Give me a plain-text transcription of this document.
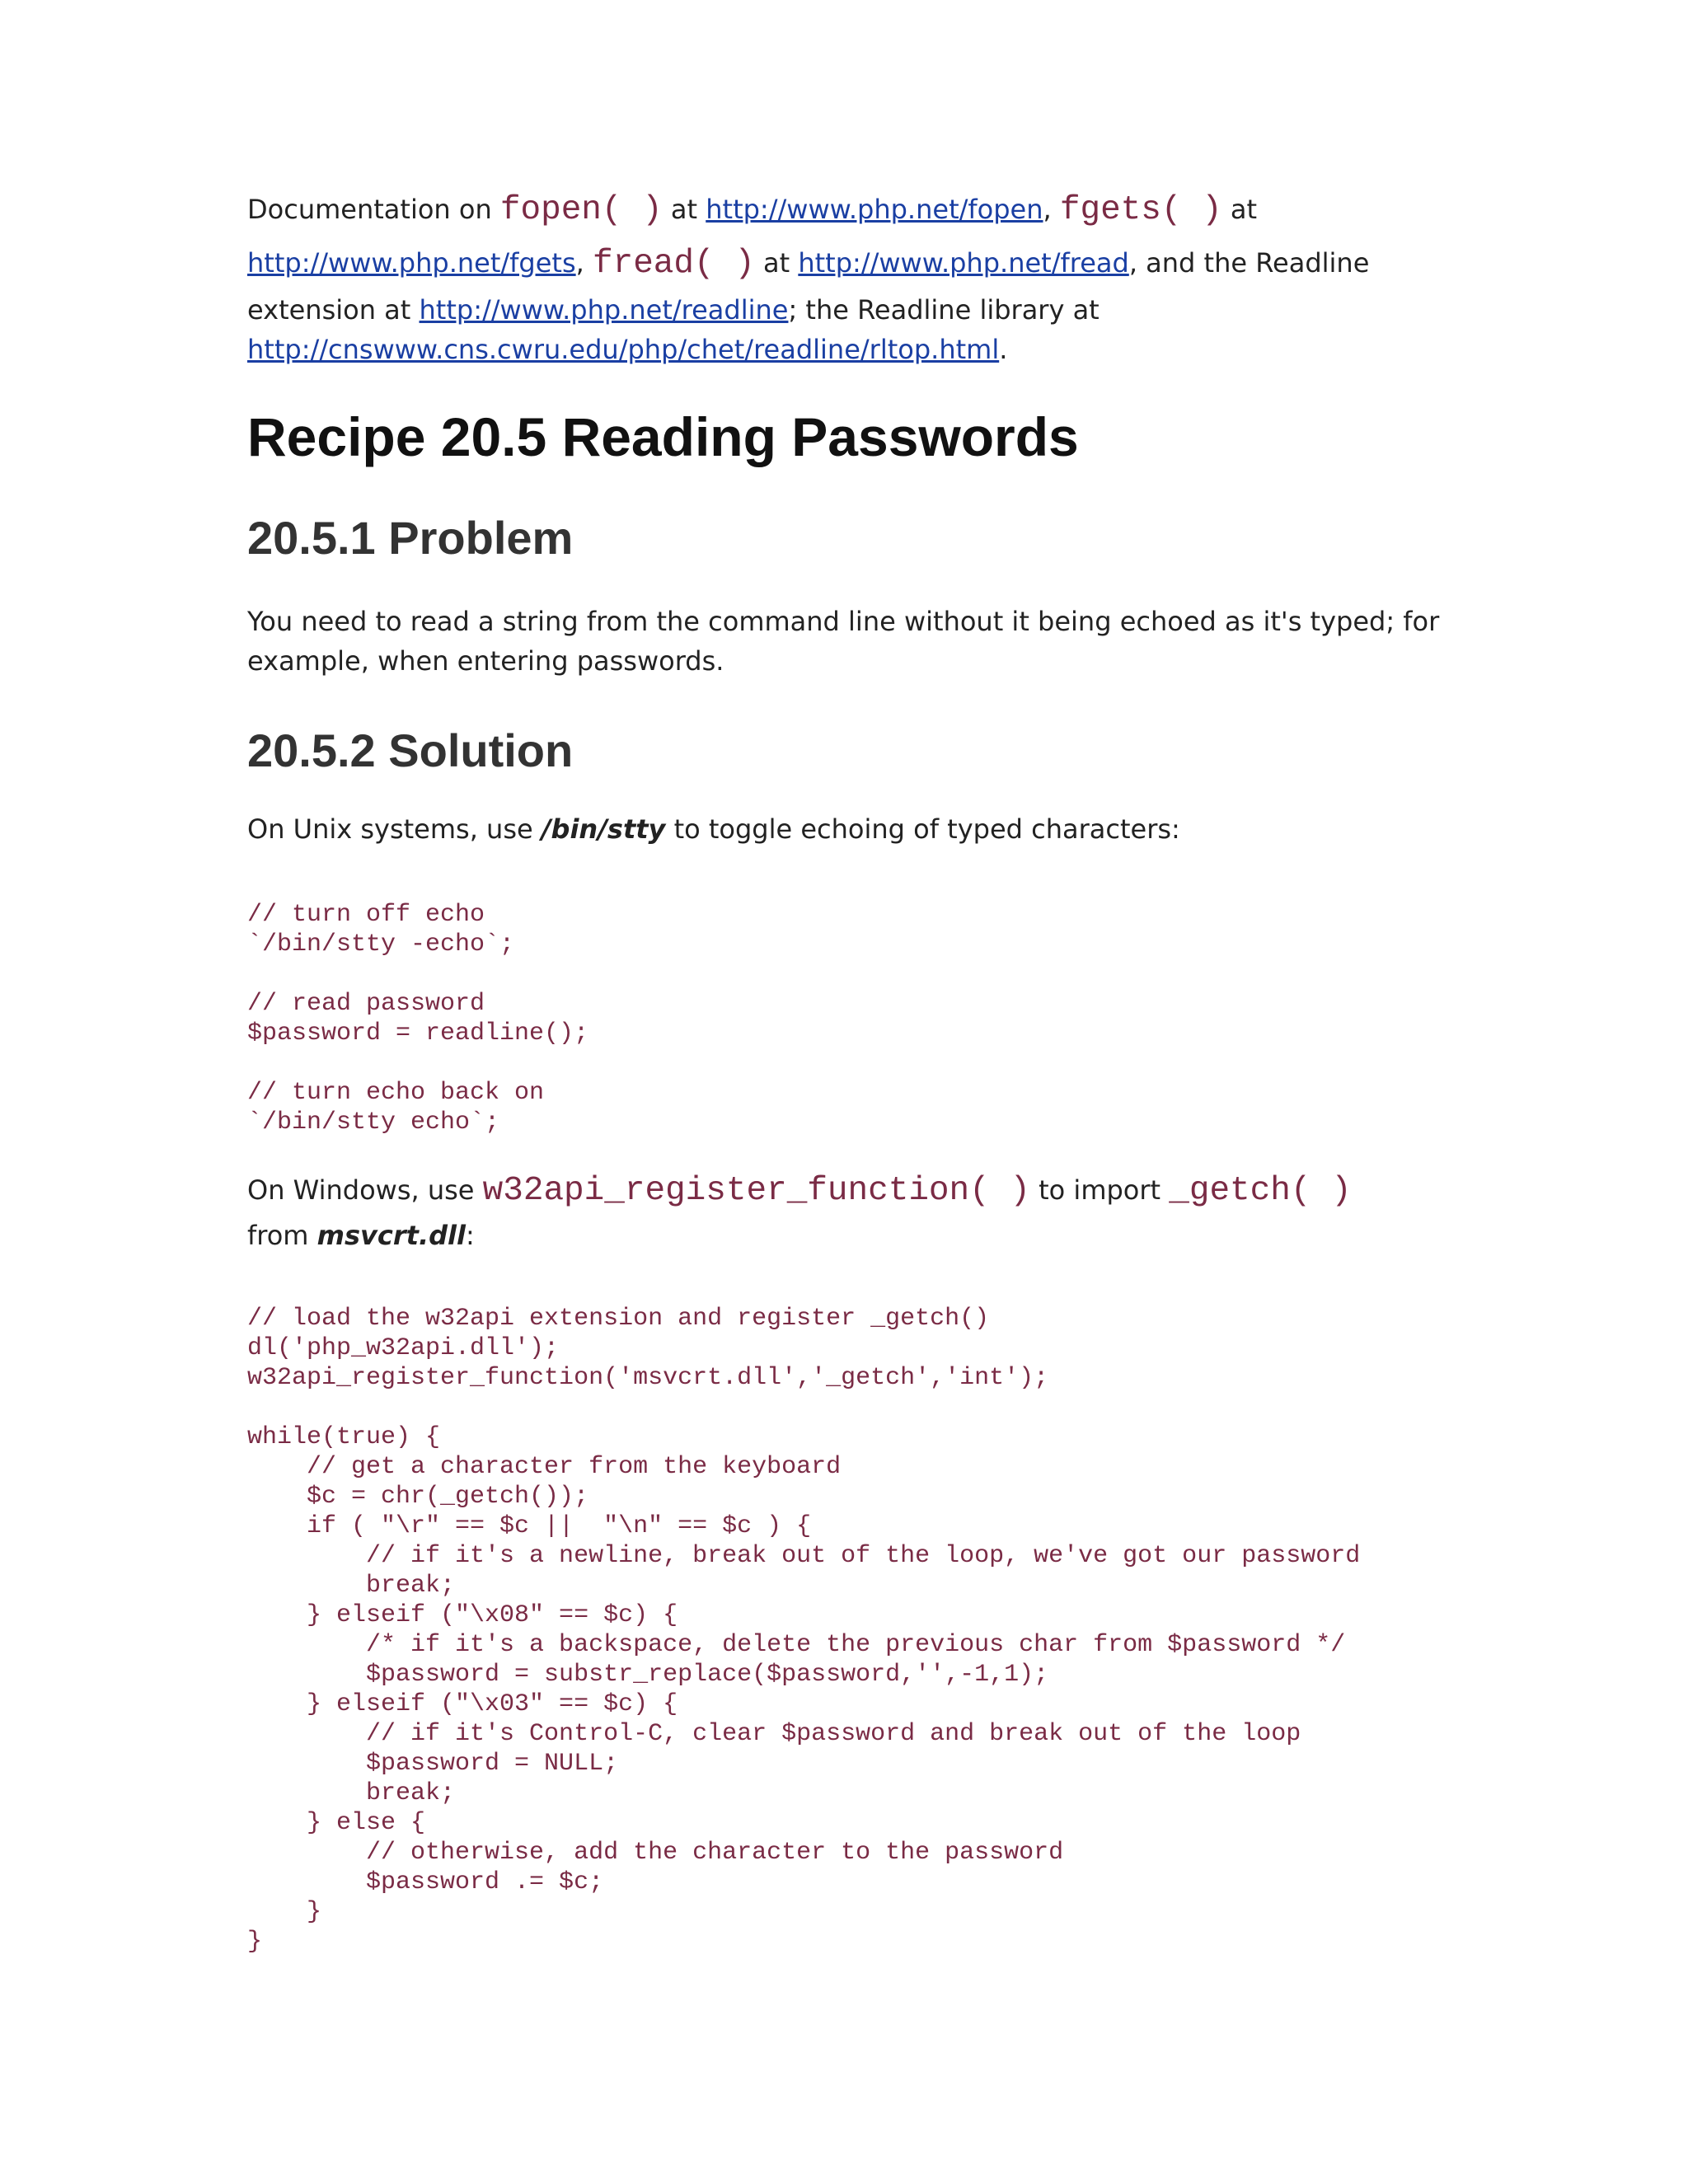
Documentation on fopen( ) at http://www.php.net/fopen, fgets( ) at
http://www.php.net/fgets, fread( ) at http://www.php.net/fread, and the Readline
extension at http://www.php.net/readline; the Readline library at
http://cnswww.cns.cwru.edu/php/chet/readline/rltop.html.
Recipe 20.5 Reading Passwords
20.5.1 Problem
You need to read a string from the command line without it being echoed as it's typed; for
example, when entering passwords.
20.5.2 Solution
On Unix systems, use /bin/stty to toggle echoing of typed characters:
// turn off echo
`/bin/stty -echo`;

// read password
$password = readline();

// turn echo back on
`/bin/stty echo`;
On Windows, use w32api_register_function( ) to import _getch( )
from msvcrt.dll:
// load the w32api extension and register _getch()
dl('php_w32api.dll');
w32api_register_function('msvcrt.dll','_getch','int');

while(true) {
// get a character from the keyboard
$c = chr(_getch());
if ( "\r" == $c ||  "\n" == $c ) {
// if it's a newline, break out of the loop, we've got our password
break;
} elseif ("\x08" == $c) {
/* if it's a backspace, delete the previous char from $password */
$password = substr_replace($password,'',-1,1);
} elseif ("\x03" == $c) {
// if it's Control-C, clear $password and break out of the loop
$password = NULL;
break;
} else {
// otherwise, add the character to the password
$password .= $c;
}
}
